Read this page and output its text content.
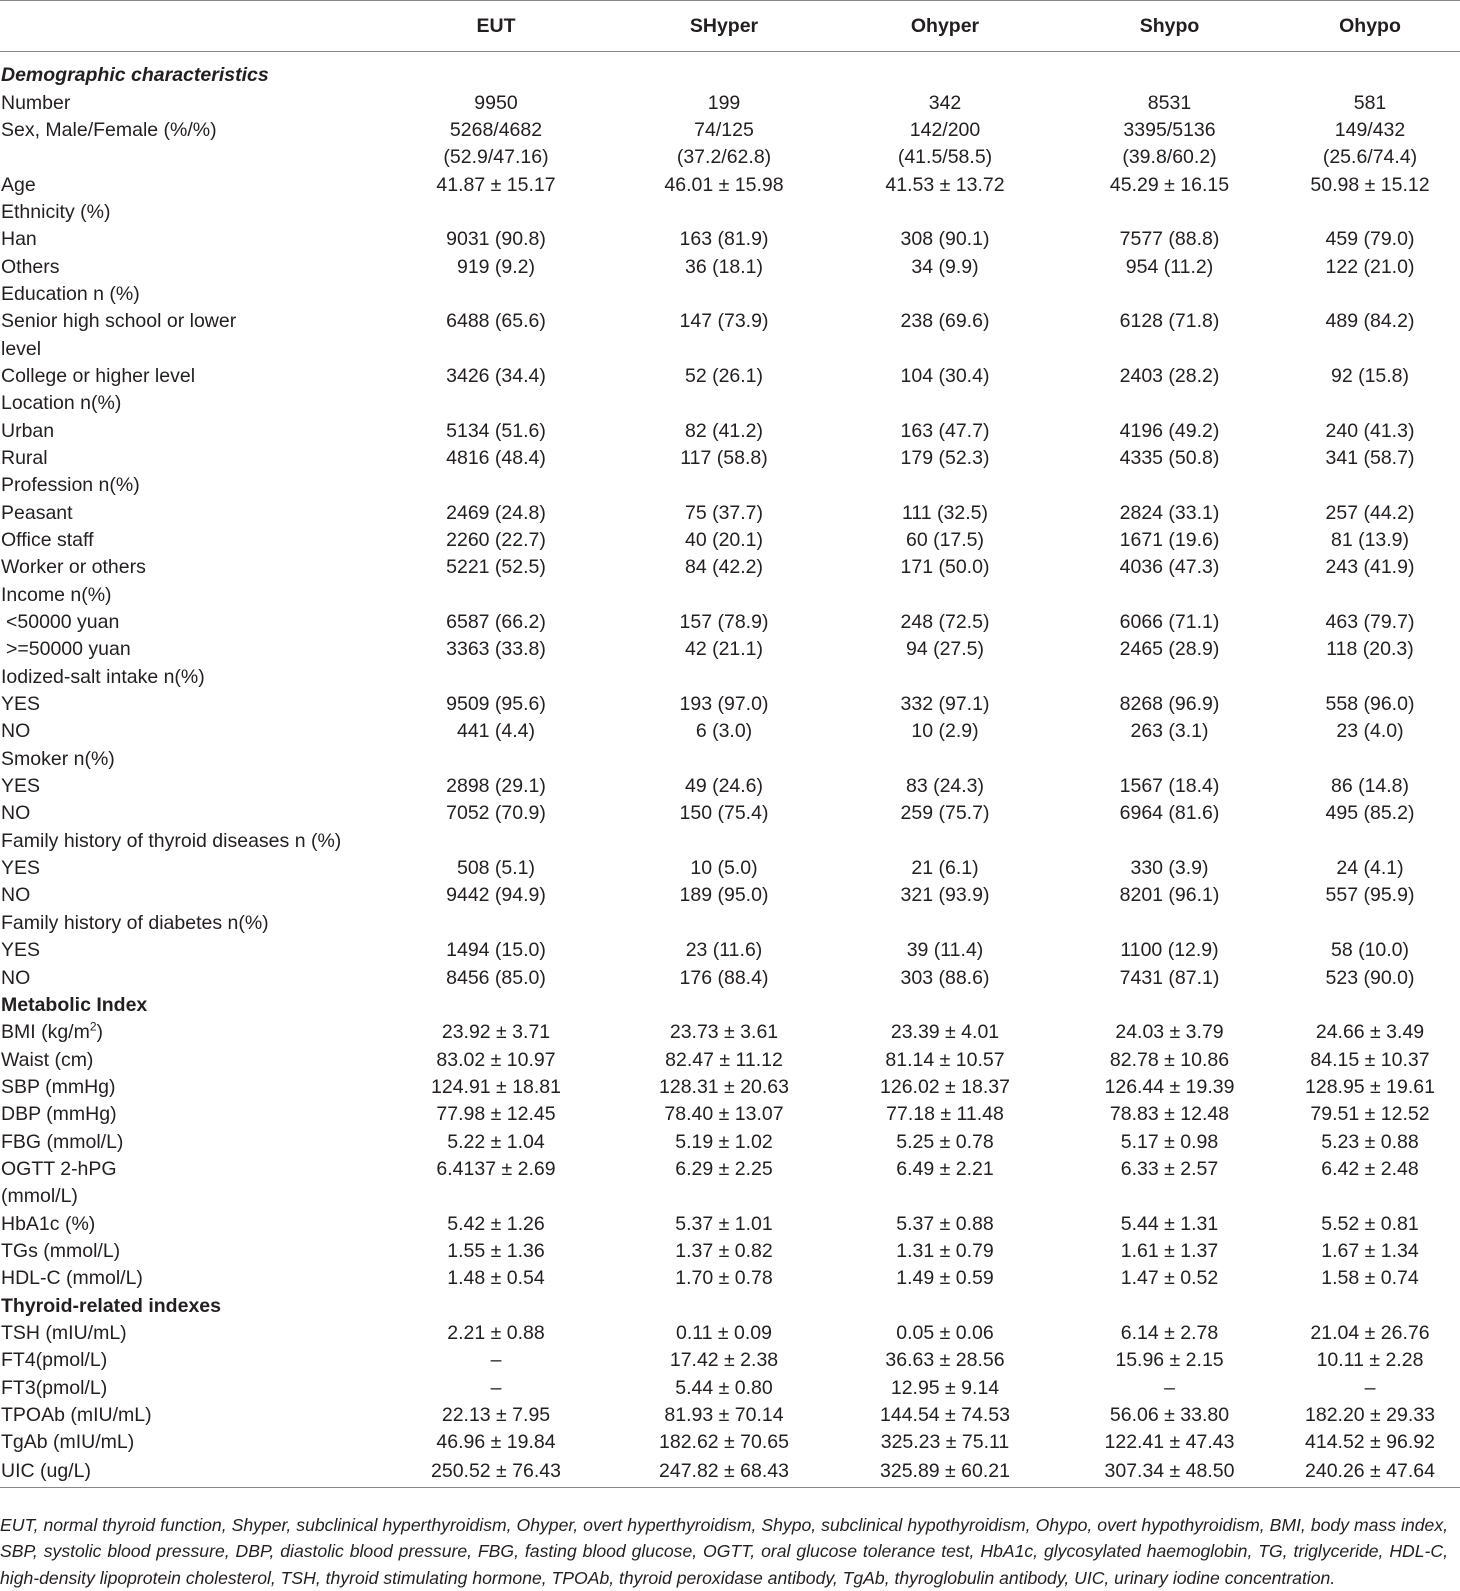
	EUT	SHyper	Ohyper	Shypo	Ohypo
Demographic characteristics					
Number	9950	199	342	8531	581
Sex, Male/Female (%/%)	5268/4682	74/125	142/200	3395/5136	149/432
	(52.9/47.16)	(37.2/62.8)	(41.5/58.5)	(39.8/60.2)	(25.6/74.4)
Age	41.87 ± 15.17	46.01 ± 15.98	41.53 ± 13.72	45.29 ± 16.15	50.98 ± 15.12
Ethnicity (%)					
Han	9031 (90.8)	163 (81.9)	308 (90.1)	7577 (88.8)	459 (79.0)
Others	919 (9.2)	36 (18.1)	34 (9.9)	954 (11.2)	122 (21.0)
Education n (%)					
Senior high school or lower	6488 (65.6)	147 (73.9)	238 (69.6)	6128 (71.8)	489 (84.2)
level					
College or higher level	3426 (34.4)	52 (26.1)	104 (30.4)	2403 (28.2)	92 (15.8)
Location n(%)					
Urban	5134 (51.6)	82 (41.2)	163 (47.7)	4196 (49.2)	240 (41.3)
Rural	4816 (48.4)	117 (58.8)	179 (52.3)	4335 (50.8)	341 (58.7)
Profession n(%)					
Peasant	2469 (24.8)	75 (37.7)	111 (32.5)	2824 (33.1)	257 (44.2)
Office staff	2260 (22.7)	40 (20.1)	60 (17.5)	1671 (19.6)	81 (13.9)
Worker or others	5221 (52.5)	84 (42.2)	171 (50.0)	4036 (47.3)	243 (41.9)
Income n(%)					
<50000 yuan	6587 (66.2)	157 (78.9)	248 (72.5)	6066 (71.1)	463 (79.7)
>=50000 yuan	3363 (33.8)	42 (21.1)	94 (27.5)	2465 (28.9)	118 (20.3)
Iodized-salt intake n(%)					
YES	9509 (95.6)	193 (97.0)	332 (97.1)	8268 (96.9)	558 (96.0)
NO	441 (4.4)	6 (3.0)	10 (2.9)	263 (3.1)	23 (4.0)
Smoker n(%)					
YES	2898 (29.1)	49 (24.6)	83 (24.3)	1567 (18.4)	86 (14.8)
NO	7052 (70.9)	150 (75.4)	259 (75.7)	6964 (81.6)	495 (85.2)
Family history of thyroid diseases n (%)					
YES	508 (5.1)	10 (5.0)	21 (6.1)	330 (3.9)	24 (4.1)
NO	9442 (94.9)	189 (95.0)	321 (93.9)	8201 (96.1)	557 (95.9)
Family history of diabetes n(%)					
YES	1494 (15.0)	23 (11.6)	39 (11.4)	1100 (12.9)	58 (10.0)
NO	8456 (85.0)	176 (88.4)	303 (88.6)	7431 (87.1)	523 (90.0)
Metabolic Index					
BMI $(kg/m^2)$	23.92 ± 3.71	23.73 ± 3.61	23.39 ± 4.01	24.03 ± 3.79	24.66 ± 3.49
Waist (cm)	83.02 ± 10.97	82.47 ± 11.12	81.14 ± 10.57	82.78 ± 10.86	84.15 ± 10.37
SBP (mmHg)	124.91 ± 18.81	128.31 ± 20.63	126.02 ± 18.37	126.44 ± 19.39	128.95 ± 19.61
DBP (mmHg)	77.98 ± 12.45	78.40 ± 13.07	77.18 ± 11.48	78.83 ± 12.48	79.51 ± 12.52
FBG (mmol/L)	5.22 ± 1.04	5.19 ± 1.02	5.25 ± 0.78	5.17 ± 0.98	5.23 ± 0.88
OGTT 2-hPG	6.4137 ± 2.69	6.29 ± 2.25	6.49 ± 2.21	6.33 ± 2.57	6.42 ± 2.48
(mmol/L)					
HbA1c (%)	5.42 ± 1.26	5.37 ± 1.01	5.37 ± 0.88	5.44 ± 1.31	5.52 ± 0.81
TGs (mmol/L)	1.55 ± 1.36	1.37 ± 0.82	1.31 ± 0.79	1.61 ± 1.37	1.67 ± 1.34
HDL-C (mmol/L)	1.48 ± 0.54	1.70 ± 0.78	1.49 ± 0.59	1.47 ± 0.52	1.58 ± 0.74
Thyroid-related indexes					
TSH (mIU/mL)	2.21 ± 0.88	0.11 ± 0.09	0.05 ± 0.06	6.14 ± 2.78	21.04 ± 26.76
FT4(pmol/L)	–	17.42 ± 2.38	36.63 ± 28.56	15.96 ± 2.15	10.11 ± 2.28
FT3(pmol/L)	–	5.44 ± 0.80	12.95 ± 9.14	–	–
TPOAb (mIU/mL)	22.13 ± 7.95	81.93 ± 70.14	144.54 ± 74.53	56.06 ± 33.80	182.20 ± 29.33
TgAb (mIU/mL)	46.96 ± 19.84	182.62 ± 70.65	325.23 ± 75.11	122.41 ± 47.43	414.52 ± 96.92
UIC (ug/L)	250.52 ± 76.43	247.82 ± 68.43	325.89 ± 60.21	307.34 ± 48.50	240.26 ± 47.64

EUT, normal thyroid function, Shyper, subclinical hyperthyroidism, Ohyper, overt hyperthyroidism, Shypo, subclinical hypothyroidism, Ohypo, overt hypothyroidism, BMI, body mass index, SBP, systolic blood pressure, DBP, diastolic blood pressure, FBG, fasting blood glucose, OGTT, oral glucose tolerance test, HbA1c, glycosylated haemoglobin, TG, triglyceride, HDL-C, high-density lipoprotein cholesterol, TSH, thyroid stimulating hormone, TPOAb, thyroid peroxidase antibody, TgAb, thyroglobulin antibody, UIC, urinary iodine concentration.
